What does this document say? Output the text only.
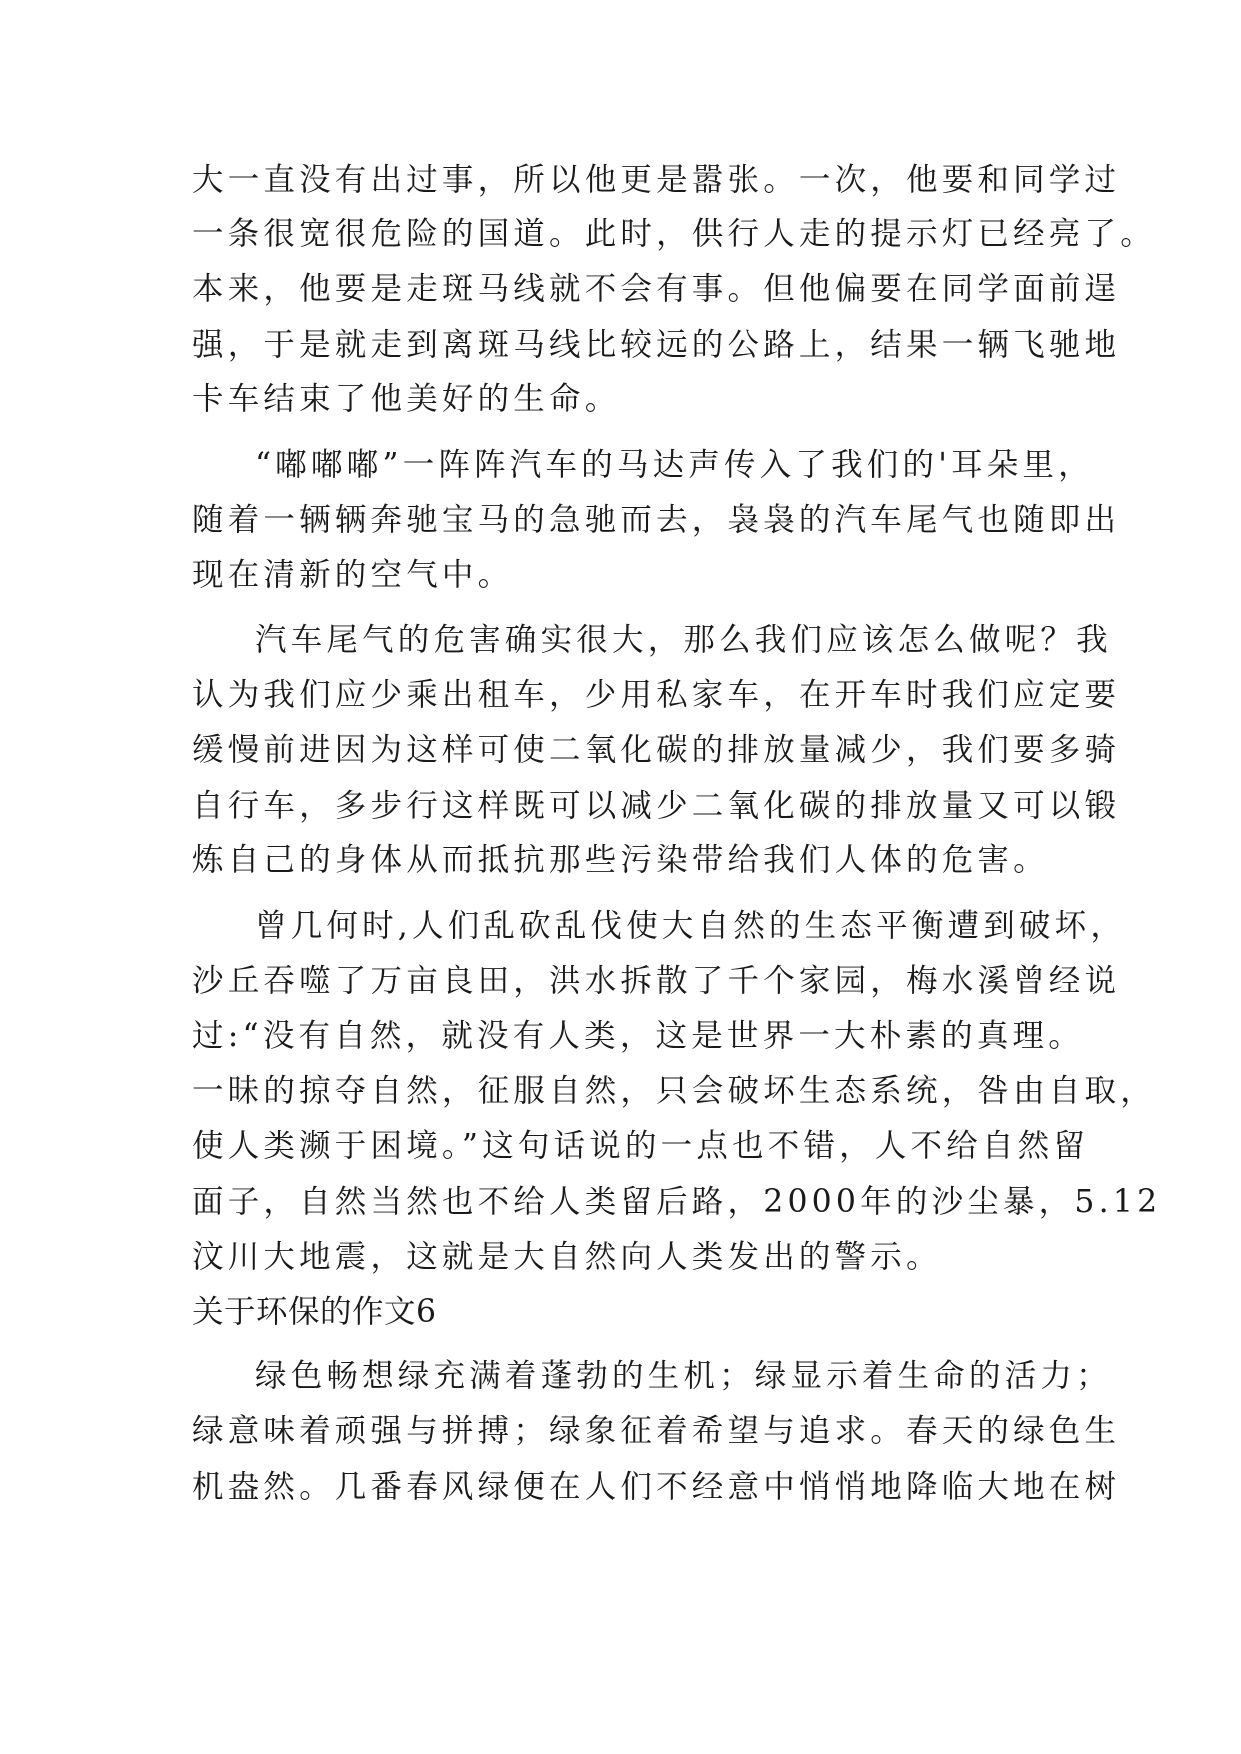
大一直没有出过事，所以他更是嚣张。一次，他要和同学过
一条很宽很危险的国道。此时，供行人走的提示灯已经亮了。
本来，他要是走斑马线就不会有事。但他偏要在同学面前逞
强，于是就走到离斑马线比较远的公路上，结果一辆飞驰地
卡车结束了他美好的生命。
“嘟嘟嘟”一阵阵汽车的马达声传入了我们的'耳朵里，
随着一辆辆奔驰宝马的急驰而去，袅袅的汽车尾气也随即出
现在清新的空气中。
汽车尾气的危害确实很大，那么我们应该怎么做呢？我
认为我们应少乘出租车，少用私家车，在开车时我们应定要
缓慢前进因为这样可使二氧化碳的排放量减少，我们要多骑
自行车，多步行这样既可以减少二氧化碳的排放量又可以锻
炼自己的身体从而抵抗那些污染带给我们人体的危害。
曾几何时,人们乱砍乱伐使大自然的生态平衡遭到破坏，
沙丘吞噬了万亩良田，洪水拆散了千个家园，梅水溪曾经说
过:“没有自然，就没有人类，这是世界一大朴素的真理。
一昧的掠夺自然，征服自然，只会破坏生态系统，咎由自取，
使人类濒于困境。”这句话说的一点也不错，人不给自然留
面子，自然当然也不给人类留后路，2000年的沙尘暴，5.12
汶川大地震，这就是大自然向人类发出的警示。
关于环保的作文6
绿色畅想绿充满着蓬勃的生机；绿显示着生命的活力；
绿意味着顽强与拼搏；绿象征着希望与追求。春天的绿色生
机盎然。几番春风绿便在人们不经意中悄悄地降临大地在树
